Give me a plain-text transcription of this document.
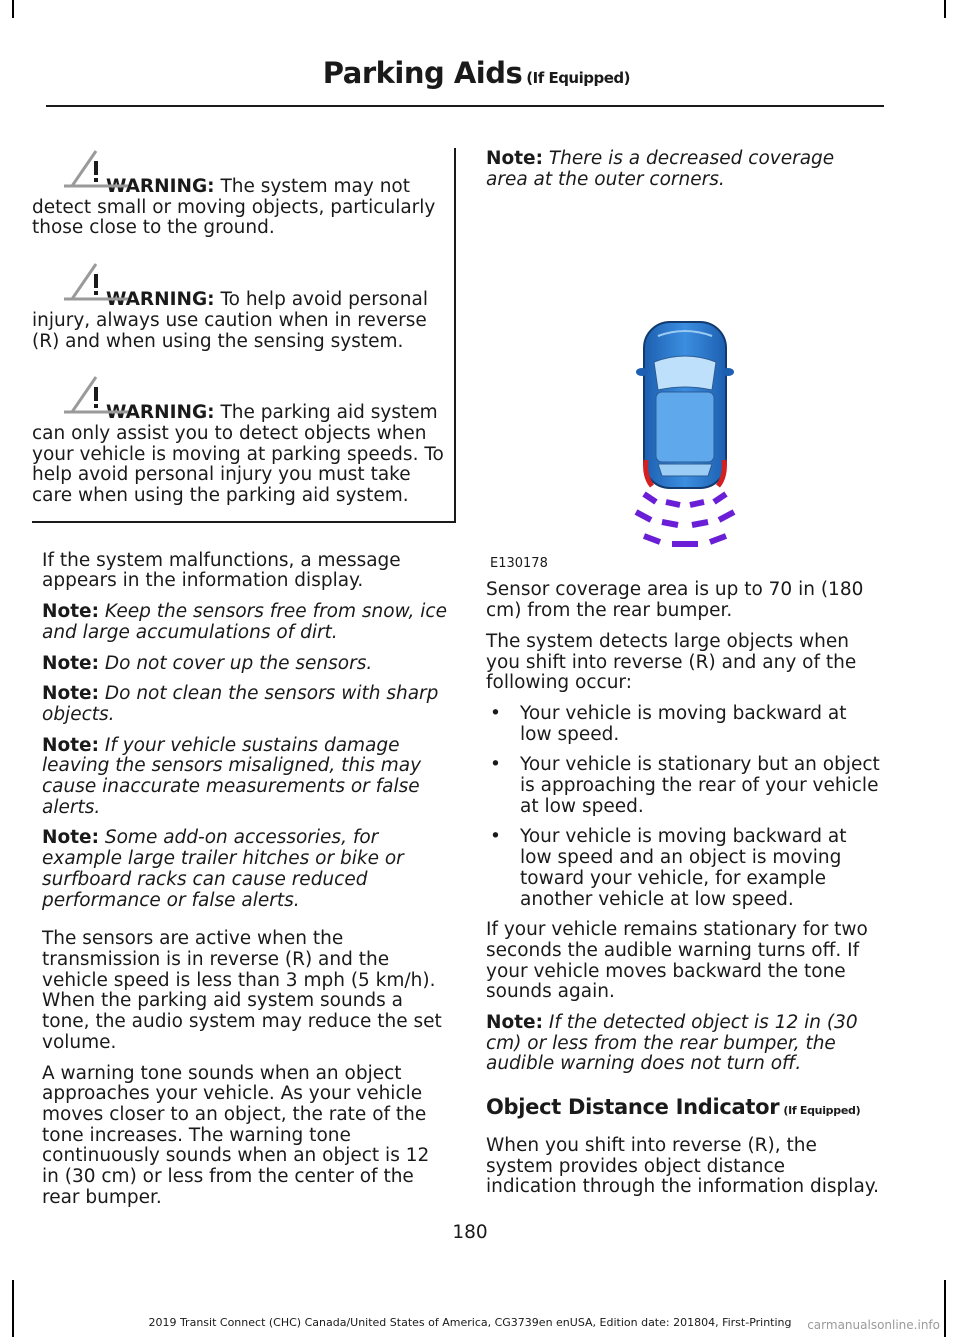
Parking Aids (If Equipped)
WARNING: The system may not detect small or moving objects, particularly those close to the ground.
WARNING: To help avoid personal injury, always use caution when in reverse (R) and when using the sensing system.
WARNING: The parking aid system can only assist you to detect objects when your vehicle is moving at parking speeds. To help avoid personal injury you must take care when using the parking aid system.

If the system malfunctions, a message appears in the information display.

Note: Keep the sensors free from snow, ice and large accumulations of dirt.

Note: Do not cover up the sensors.

Note: Do not clean the sensors with sharp objects.

Note: If your vehicle sustains damage leaving the sensors misaligned, this may cause inaccurate measurements or false alerts.

Note: Some add-on accessories, for example large trailer hitches or bike or surfboard racks can cause reduced performance or false alerts.

The sensors are active when the transmission is in reverse (R) and the vehicle speed is less than 3 mph (5 km/h). When the parking aid system sounds a tone, the audio system may reduce the set volume.

A warning tone sounds when an object approaches your vehicle. As your vehicle moves closer to an object, the rate of the tone increases. The warning tone continuously sounds when an object is 12 in (30 cm) or less from the center of the rear bumper.

Note: There is a decreased coverage area at the outer corners.

E130178

Sensor coverage area is up to 70 in (180 cm) from the rear bumper.

The system detects large objects when you shift into reverse (R) and any of the following occur:

• Your vehicle is moving backward at low speed.
• Your vehicle is stationary but an object is approaching the rear of your vehicle at low speed.
• Your vehicle is moving backward at low speed and an object is moving toward your vehicle, for example another vehicle at low speed.

If your vehicle remains stationary for two seconds the audible warning turns off. If your vehicle moves backward the tone sounds again.

Note: If the detected object is 12 in (30 cm) or less from the rear bumper, the audible warning does not turn off.

Object Distance Indicator (If Equipped)

When you shift into reverse (R), the system provides object distance indication through the information display.

180
2019 Transit Connect (CHC) Canada/United States of America, CG3739en enUSA, Edition date: 201804, First-Printing	carmanualsonline.info
